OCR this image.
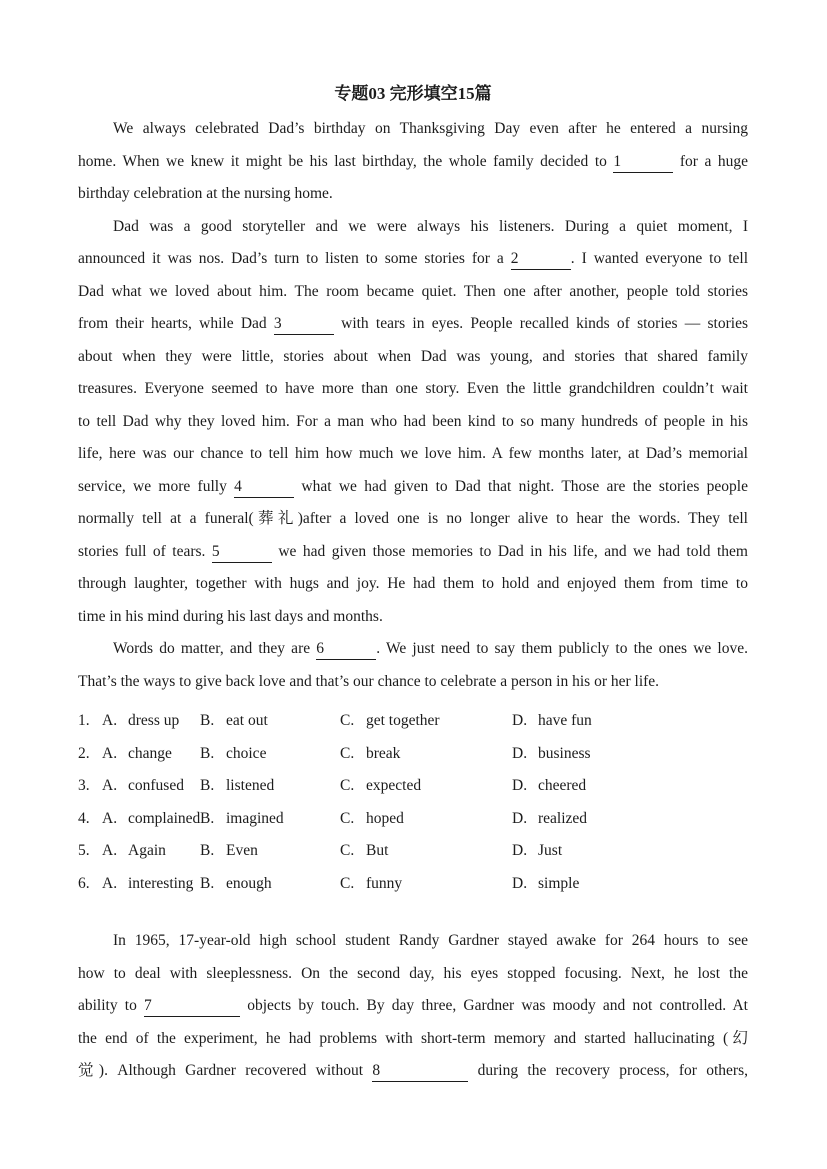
专题03 完形填空15篇
We always celebrated Dad’s birthday on Thanksgiving Day even after he entered a nursing
home. When we knew it might be his last birthday, the whole family decided to 1	for a huge
birthday celebration at the nursing home.
Dad was a good storyteller and we were always his listeners. During a quiet moment, I
announced it was nos. Dad’s turn to listen to some stories for a 2	. I wanted everyone to tell
Dad what we loved about him. The room became quiet. Then one after another, people told stories
from their hearts, while Dad 3	with tears in eyes. People recalled kinds of stories — stories
about when they were little, stories about when Dad was young, and stories that shared family
treasures. Everyone seemed to have more than one story. Even the little grandchildren couldn’t wait
to tell Dad why they loved him. For a man who had been kind to so many hundreds of people in his
life, here was our chance to tell him how much we love him. A few months later, at Dad’s memorial
service, we more fully 4	what we had given to Dad that night. Those are the stories people
normally tell at a funeral(葬礼)after a loved one is no longer alive to hear the words. They tell
stories full of tears. 5	we had given those memories to Dad in his life, and we had told them
through laughter, together with hugs and joy. He had them to hold and enjoyed them from time to
time in his mind during his last days and months.
Words do matter, and they are 6	. We just need to say them publicly to the ones we love.
That’s the ways to give back love and that’s our chance to celebrate a person in his or her life.
1. A. dress up	B. eat out	C. get together	D. have fun
2. A. change	B. choice	C. break	D. business
3. A. confused	B. listened	C. expected	D. cheered
4. A. complained B. imagined	C. hoped	D. realized
5. A. Again	B. Even	C. But	D. Just
6. A. interesting B. enough	C. funny	D. simple
In 1965, 17-year-old high school student Randy Gardner stayed awake for 264 hours to see
how to deal with sleeplessness. On the second day, his eyes stopped focusing. Next, he lost the
ability to 7	objects by touch. By day three, Gardner was moody and not controlled. At
the end of the experiment, he had problems with short-term memory and started hallucinating (幻
觉). Although Gardner recovered without 8	during the recovery process, for others,
